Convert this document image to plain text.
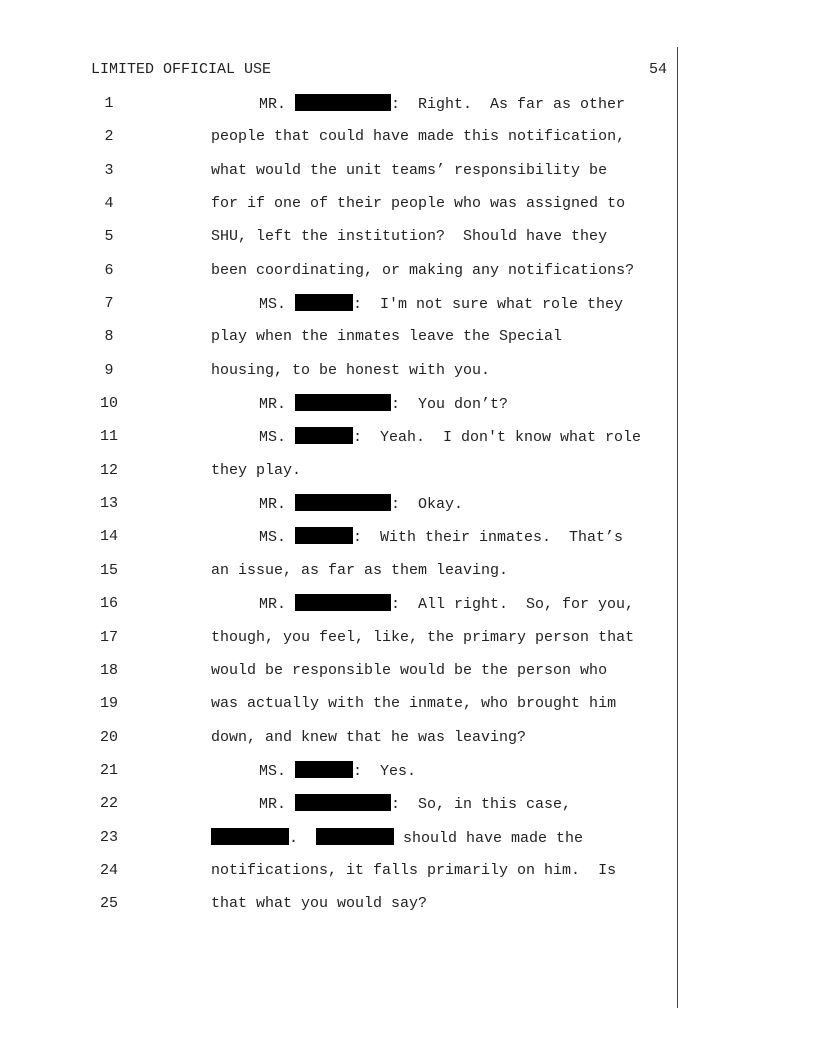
LIMITED OFFICIAL USE	54
1	MR.	:  Right.  As far as other
2	people that could have made this notification,
3	what would the unit teams’ responsibility be
4	for if one of their people who was assigned to
5	SHU, left the institution?  Should have they
6	been coordinating, or making any notifications?
7	MS.	:  I'm not sure what role they
8	play when the inmates leave the Special
9	housing, to be honest with you.
10	MR.	:  You don’t?
11	MS.	:  Yeah.  I don't know what role
12	they play.
13	MR.	:  Okay.
14	MS.	:  With their inmates.  That’s
15	an issue, as far as them leaving.
16	MR.	:  All right.  So, for you,
17	though, you feel, like, the primary person that
18	would be responsible would be the person who
19	was actually with the inmate, who brought him
20	down, and knew that he was leaving?
21	MS.	:  Yes.
22	MR.	:  So, in this case,
23	.	should have made the
24	notifications, it falls primarily on him.  Is
25	that what you would say?
